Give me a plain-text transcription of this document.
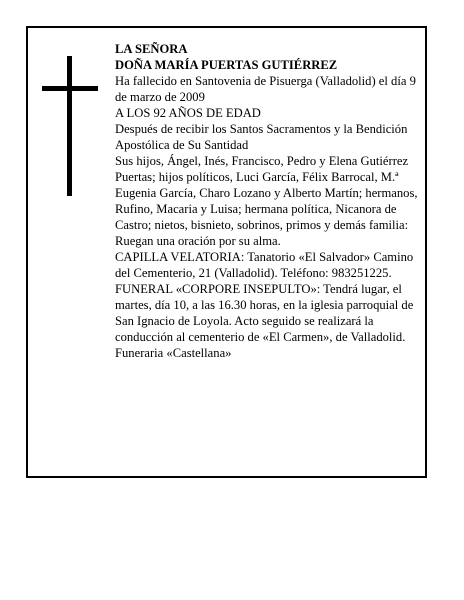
LA SEÑORA

DOÑA MARÍA PUERTAS GUTIÉRREZ

Ha fallecido en Santovenia de Pisuerga (Valladolid) el día 9 de marzo de 2009

A LOS 92 AÑOS DE EDAD

Después de recibir los Santos Sacramentos y la Bendición Apostólica de Su Santidad

Sus hijos, Ángel, Inés, Francisco, Pedro y Elena Gutiérrez Puertas; hijos políticos, Luci García, Félix Barrocal, M.ª Eugenia García, Charo Lozano y Alberto Martín; hermanos, Rufino, Macaria y Luisa; hermana política, Nicanora de Castro; nietos, bisnieto, sobrinos, primos y demás familia:

Ruegan una oración por su alma.

CAPILLA VELATORIA: Tanatorio «El Salvador» Camino del Cementerio, 21 (Valladolid). Teléfono: 983251225.

FUNERAL «CORPORE INSEPULTO»: Tendrá lugar, el martes, día 10, a las 16.30 horas, en la iglesia parroquial de San Ignacio de Loyola. Acto seguido se realizará la conducción al cementerio de «El Carmen», de Valladolid.

Funeraria «Castellana»
